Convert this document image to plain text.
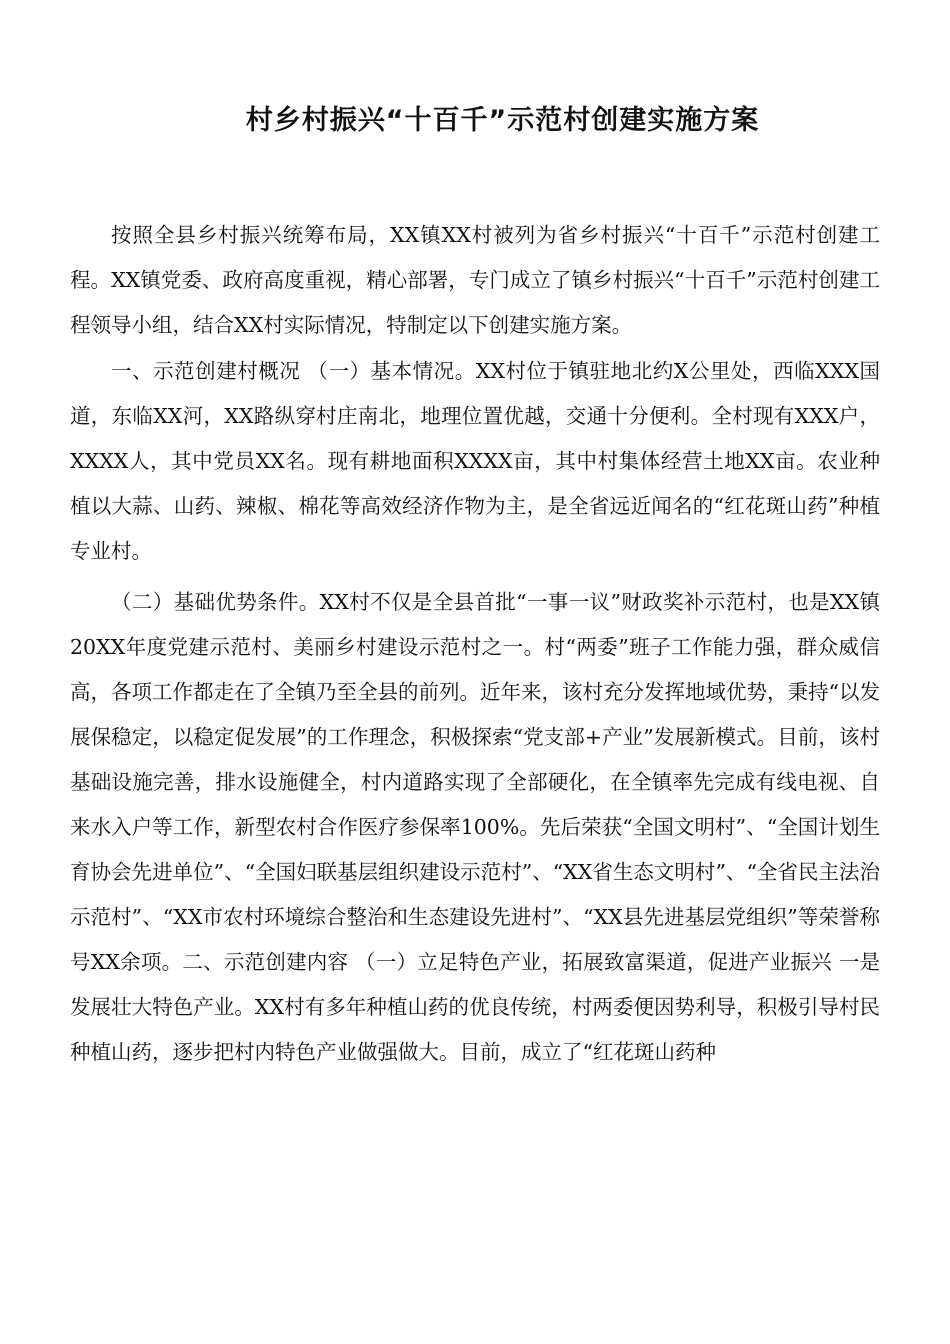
村乡村振兴“十百千”示范村创建实施方案

按照全县乡村振兴统筹布局，XX镇XX村被列为省乡村振兴“十百千”示范村创建工程。XX镇党委、政府高度重视，精心部署，专门成立了镇乡村振兴“十百千”示范村创建工程领导小组，结合XX村实际情况，特制定以下创建实施方案。

一、示范创建村概况 （一）基本情况。XX村位于镇驻地北约X公里处，西临XXX国道，东临XX河，XX路纵穿村庄南北，地理位置优越，交通十分便利。全村现有XXX户，XXXX人，其中党员XX名。现有耕地面积XXXX亩，其中村集体经营土地XX亩。农业种植以大蒜、山药、辣椒、棉花等高效经济作物为主，是全省远近闻名的“红花斑山药”种植专业村。

（二）基础优势条件。XX村不仅是全县首批“一事一议”财政奖补示范村，也是XX镇20XX年度党建示范村、美丽乡村建设示范村之一。村“两委”班子工作能力强，群众威信高，各项工作都走在了全镇乃至全县的前列。近年来，该村充分发挥地域优势，秉持“以发展保稳定，以稳定促发展”的工作理念，积极探索“党支部+产业”发展新模式。目前，该村基础设施完善，排水设施健全，村内道路实现了全部硬化，在全镇率先完成有线电视、自来水入户等工作，新型农村合作医疗参保率100%。先后荣获“全国文明村”、“全国计划生育协会先进单位”、“全国妇联基层组织建设示范村”、“XX省生态文明村”、“全省民主法治示范村”、“XX市农村环境综合整治和生态建设先进村”、“XX县先进基层党组织”等荣誉称号XX余项。二、示范创建内容 （一）立足特色产业，拓展致富渠道，促进产业振兴 一是发展壮大特色产业。XX村有多年种植山药的优良传统，村两委便因势利导，积极引导村民种植山药，逐步把村内特色产业做强做大。目前，成立了“红花斑山药种
